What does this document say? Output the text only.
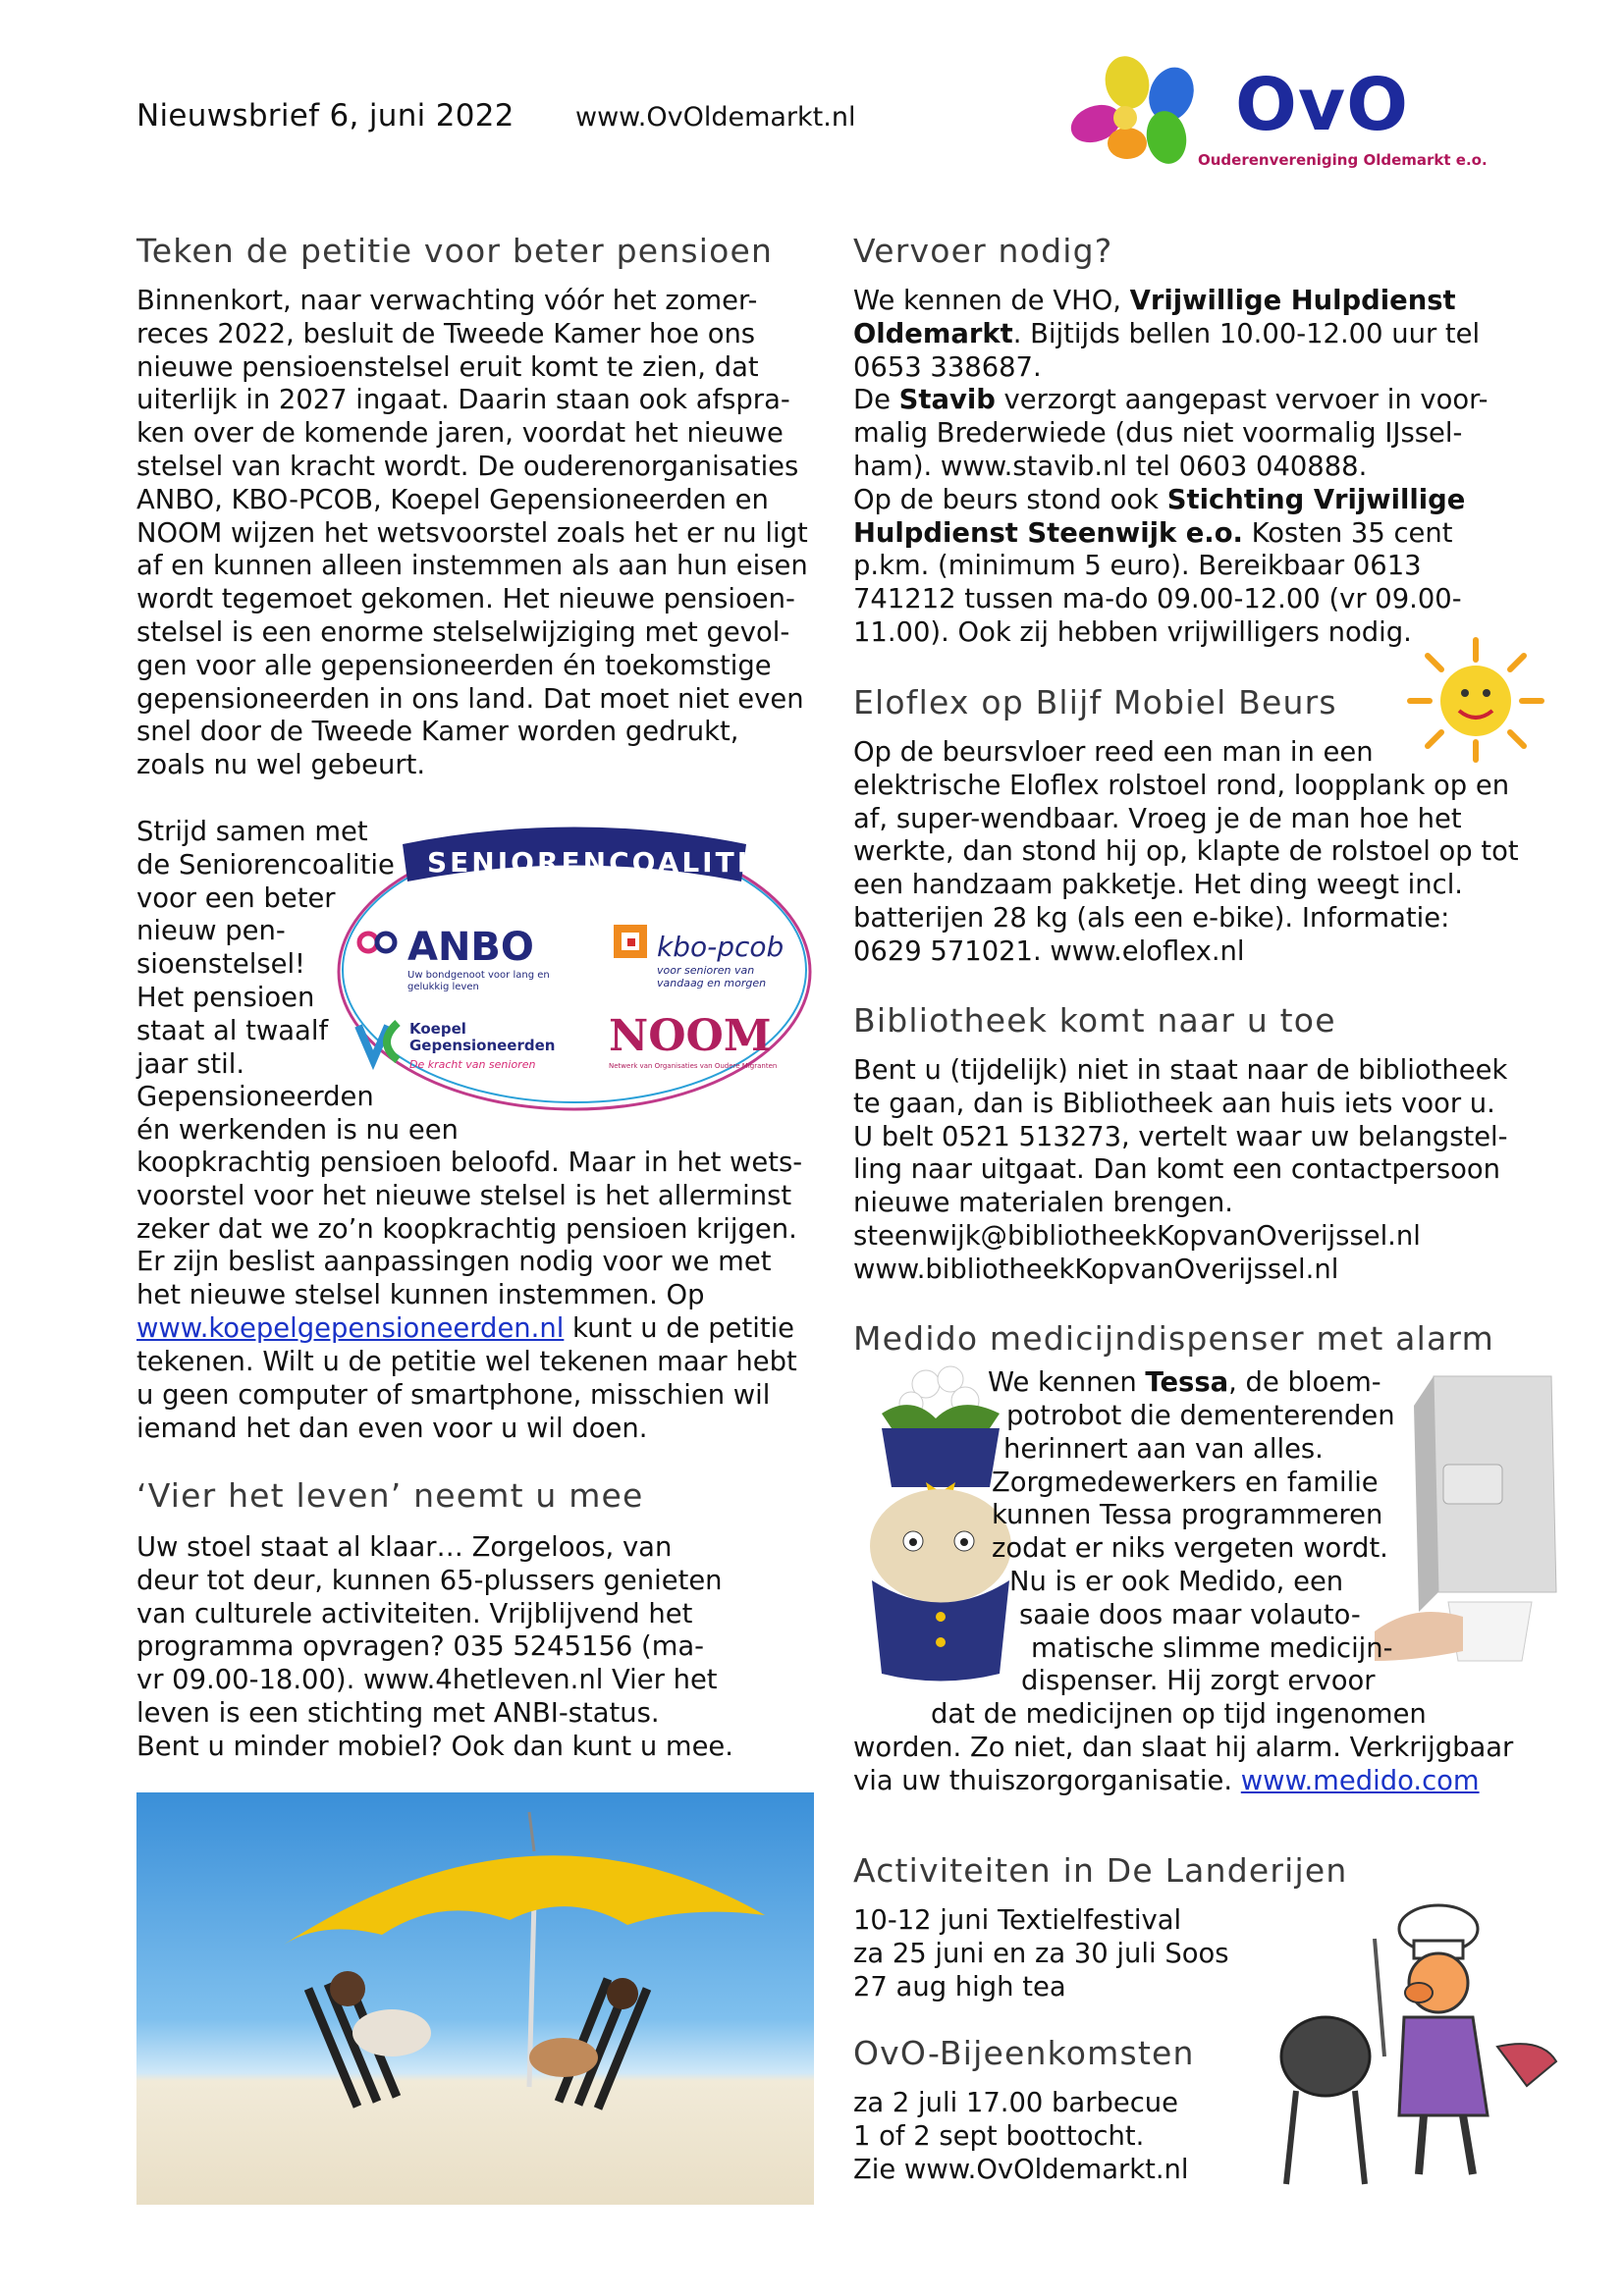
Nieuwsbrief 6, juni 2022 www.OvOldemarkt.nl	OvO
Ouderenvereniging Oldemarkt e.o.
Teken de petitie voor beter pensioen
Binnenkort, naar verwachting vóór het zomer-
reces 2022, besluit de Tweede Kamer hoe ons
nieuwe pensioenstelsel eruit komt te zien, dat
uiterlijk in 2027 ingaat. Daarin staan ook afspra-
ken over de komende jaren, voordat het nieuwe
stelsel van kracht wordt. De ouderenorganisaties
ANBO, KBO-PCOB, Koepel Gepensioneerden en
NOOM wijzen het wetsvoorstel zoals het er nu ligt
af en kunnen alleen instemmen als aan hun eisen
wordt tegemoet gekomen. Het nieuwe pensioen-
stelsel is een enorme stelselwijziging met gevol-
gen voor alle gepensioneerden én toekomstige
gepensioneerden in ons land. Dat moet niet even
snel door de Tweede Kamer worden gedrukt,
zoals nu wel gebeurt.
Strijd samen met
de Seniorencoalitie
voor een beter
nieuw pen-
sioenstelsel!
Het pensioen
staat al twaalf
jaar stil.
Gepensioneerden
én werkenden is nu een
SENIORENCOALITIE
ANBO
Uw bondgenoot voor lang en gelukkig leven
kbo-pcob
voor senioren van vandaag en morgen
Koepel Gepensioneerden
De kracht van senioren
NOOM
Netwerk van Organisaties van Oudere Migranten
koopkrachtig pensioen beloofd. Maar in het wets-
voorstel voor het nieuwe stelsel is het allerminst
zeker dat we zo’n koopkrachtig pensioen krijgen.
Er zijn beslist aanpassingen nodig voor we met
het nieuwe stelsel kunnen instemmen. Op
www.koepelgepensioneerden.nl kunt u de petitie
tekenen. Wilt u de petitie wel tekenen maar hebt
u geen computer of smartphone, misschien wil
iemand het dan even voor u wil doen.
‘Vier het leven’ neemt u mee
Uw stoel staat al klaar… Zorgeloos, van
deur tot deur, kunnen 65-plussers genieten
van culturele activiteiten. Vrijblijvend het
programma opvragen? 035 5245156 (ma-
vr 09.00-18.00). www.4hetleven.nl Vier het
leven is een stichting met ANBI-status.
Bent u minder mobiel? Ook dan kunt u mee.
Vervoer nodig?
We kennen de VHO, Vrijwillige Hulpdienst
Oldemarkt. Bijtijds bellen 10.00-12.00 uur tel
0653 338687.
De Stavib verzorgt aangepast vervoer in voor-
malig Brederwiede (dus niet voormalig IJssel-
ham). www.stavib.nl tel 0603 040888.
Op de beurs stond ook Stichting Vrijwillige
Hulpdienst Steenwijk e.o. Kosten 35 cent
p.km. (minimum 5 euro). Bereikbaar 0613
741212 tussen ma-do 09.00-12.00 (vr 09.00-
11.00). Ook zij hebben vrijwilligers nodig.
Eloflex op Blijf Mobiel Beurs
Op de beursvloer reed een man in een
elektrische Eloflex rolstoel rond, loopplank op en
af, super-wendbaar. Vroeg je de man hoe het
werkte, dan stond hij op, klapte de rolstoel op tot
een handzaam pakketje. Het ding weegt incl.
batterijen 28 kg (als een e-bike). Informatie:
0629 571021. www.eloflex.nl
Bibliotheek komt naar u toe
Bent u (tijdelijk) niet in staat naar de bibliotheek
te gaan, dan is Bibliotheek aan huis iets voor u.
U belt 0521 513273, vertelt waar uw belangstel-
ling naar uitgaat. Dan komt een contactpersoon
nieuwe materialen brengen.
steenwijk@bibliotheekKopvanOverijssel.nl
www.bibliotheekKopvanOverijssel.nl
Medido medicijndispenser met alarm
We kennen Tessa, de bloem-
potrobot die dementerenden
herinnert aan van alles.
Zorgmedewerkers en familie
kunnen Tessa programmeren
zodat er niks vergeten wordt.
Nu is er ook Medido, een
saaie doos maar volauto-
matische slimme medicijn-
dispenser. Hij zorgt ervoor
dat de medicijnen op tijd ingenomen
worden. Zo niet, dan slaat hij alarm. Verkrijgbaar
via uw thuiszorgorganisatie. www.medido.com
Activiteiten in De Landerijen
10-12 juni Textielfestival
za 25 juni en za 30 juli Soos
27 aug high tea
OvO-Bijeenkomsten
za 2 juli 17.00 barbecue
1 of 2 sept boottocht.
Zie www.OvOldemarkt.nl
